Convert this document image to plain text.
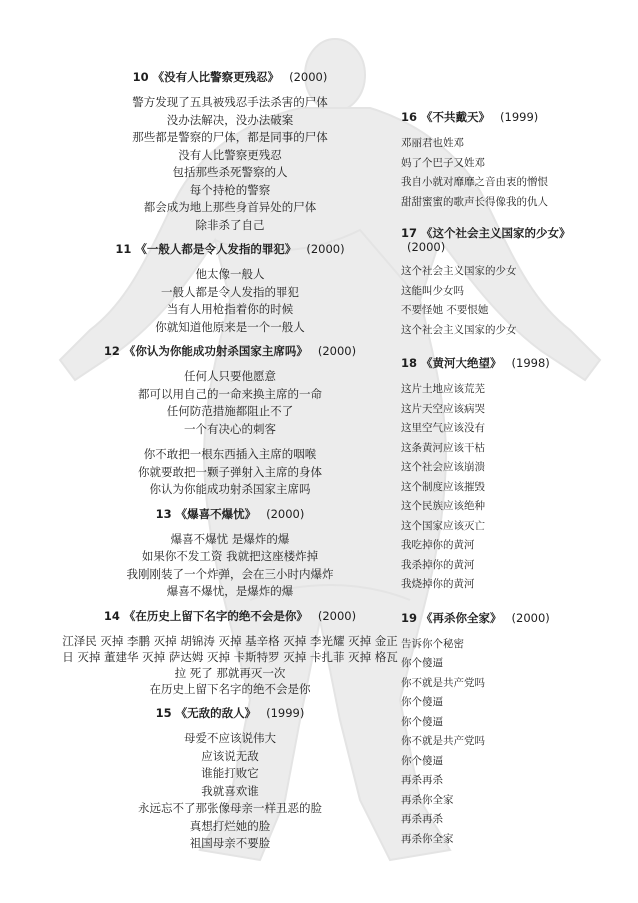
10 《没有人比警察更残忍》 (2000)
警方发现了五具被残忍手法杀害的尸体
没办法解决，没办法破案
那些都是警察的尸体，都是同事的尸体
没有人比警察更残忍
包括那些杀死警察的人
每个持枪的警察
都会成为地上那些身首异处的尸体
除非杀了自己
11 《一般人都是令人发指的罪犯》 (2000)
他太像一般人
一般人都是令人发指的罪犯
当有人用枪指着你的时候
你就知道他原来是一个一般人
12 《你认为你能成功射杀国家主席吗》 (2000)
任何人只要他愿意
都可以用自己的一命来换主席的一命
任何防范措施都阻止不了
一个有决心的刺客
你不敢把一根东西插入主席的咽喉
你就要敢把一颗子弹射入主席的身体
你认为你能成功射杀国家主席吗
13 《爆喜不爆忧》 (2000)
爆喜不爆忧 是爆炸的爆
如果你不发工资 我就把这座楼炸掉
我刚刚装了一个炸弹，会在三小时内爆炸
爆喜不爆忧，是爆炸的爆
14 《在历史上留下名字的绝不会是你》 (2000)
江泽民 灭掉 李鹏 灭掉 胡锦涛 灭掉 基辛格 灭掉 李光耀 灭掉 金正日 灭掉 董建华 灭掉 萨达姆 灭掉 卡斯特罗 灭掉 卡扎菲 灭掉 格瓦拉 死了 那就再灭一次
在历史上留下名字的绝不会是你
15 《无敌的敌人》 (1999)
母爱不应该说伟大
应该说无敌
谁能打败它
我就喜欢谁
永远忘不了那张像母亲一样丑恶的脸
真想打烂她的脸
祖国母亲不要脸
16 《不共戴天》 (1999)
邓丽君也姓邓
妈了个巴子又姓邓
我自小就对靡靡之音由衷的憎恨
甜甜蜜蜜的歌声长得像我的仇人
17 《这个社会主义国家的少女》
(2000)
这个社会主义国家的少女
这能叫少女吗
不要怪她 不要恨她
这个社会主义国家的少女
18 《黄河大绝望》 (1998)
这片土地应该荒芜
这片天空应该病哭
这里空气应该没有
这条黄河应该干枯
这个社会应该崩溃
这个制度应该摧毁
这个民族应该绝种
这个国家应该灭亡
我吃掉你的黄河
我杀掉你的黄河
我烧掉你的黄河
19 《再杀你全家》 (2000)
告诉你个秘密
你个傻逼
你不就是共产党吗
你个傻逼
你个傻逼
你不就是共产党吗
你个傻逼
再杀再杀
再杀你全家
再杀再杀
再杀你全家
